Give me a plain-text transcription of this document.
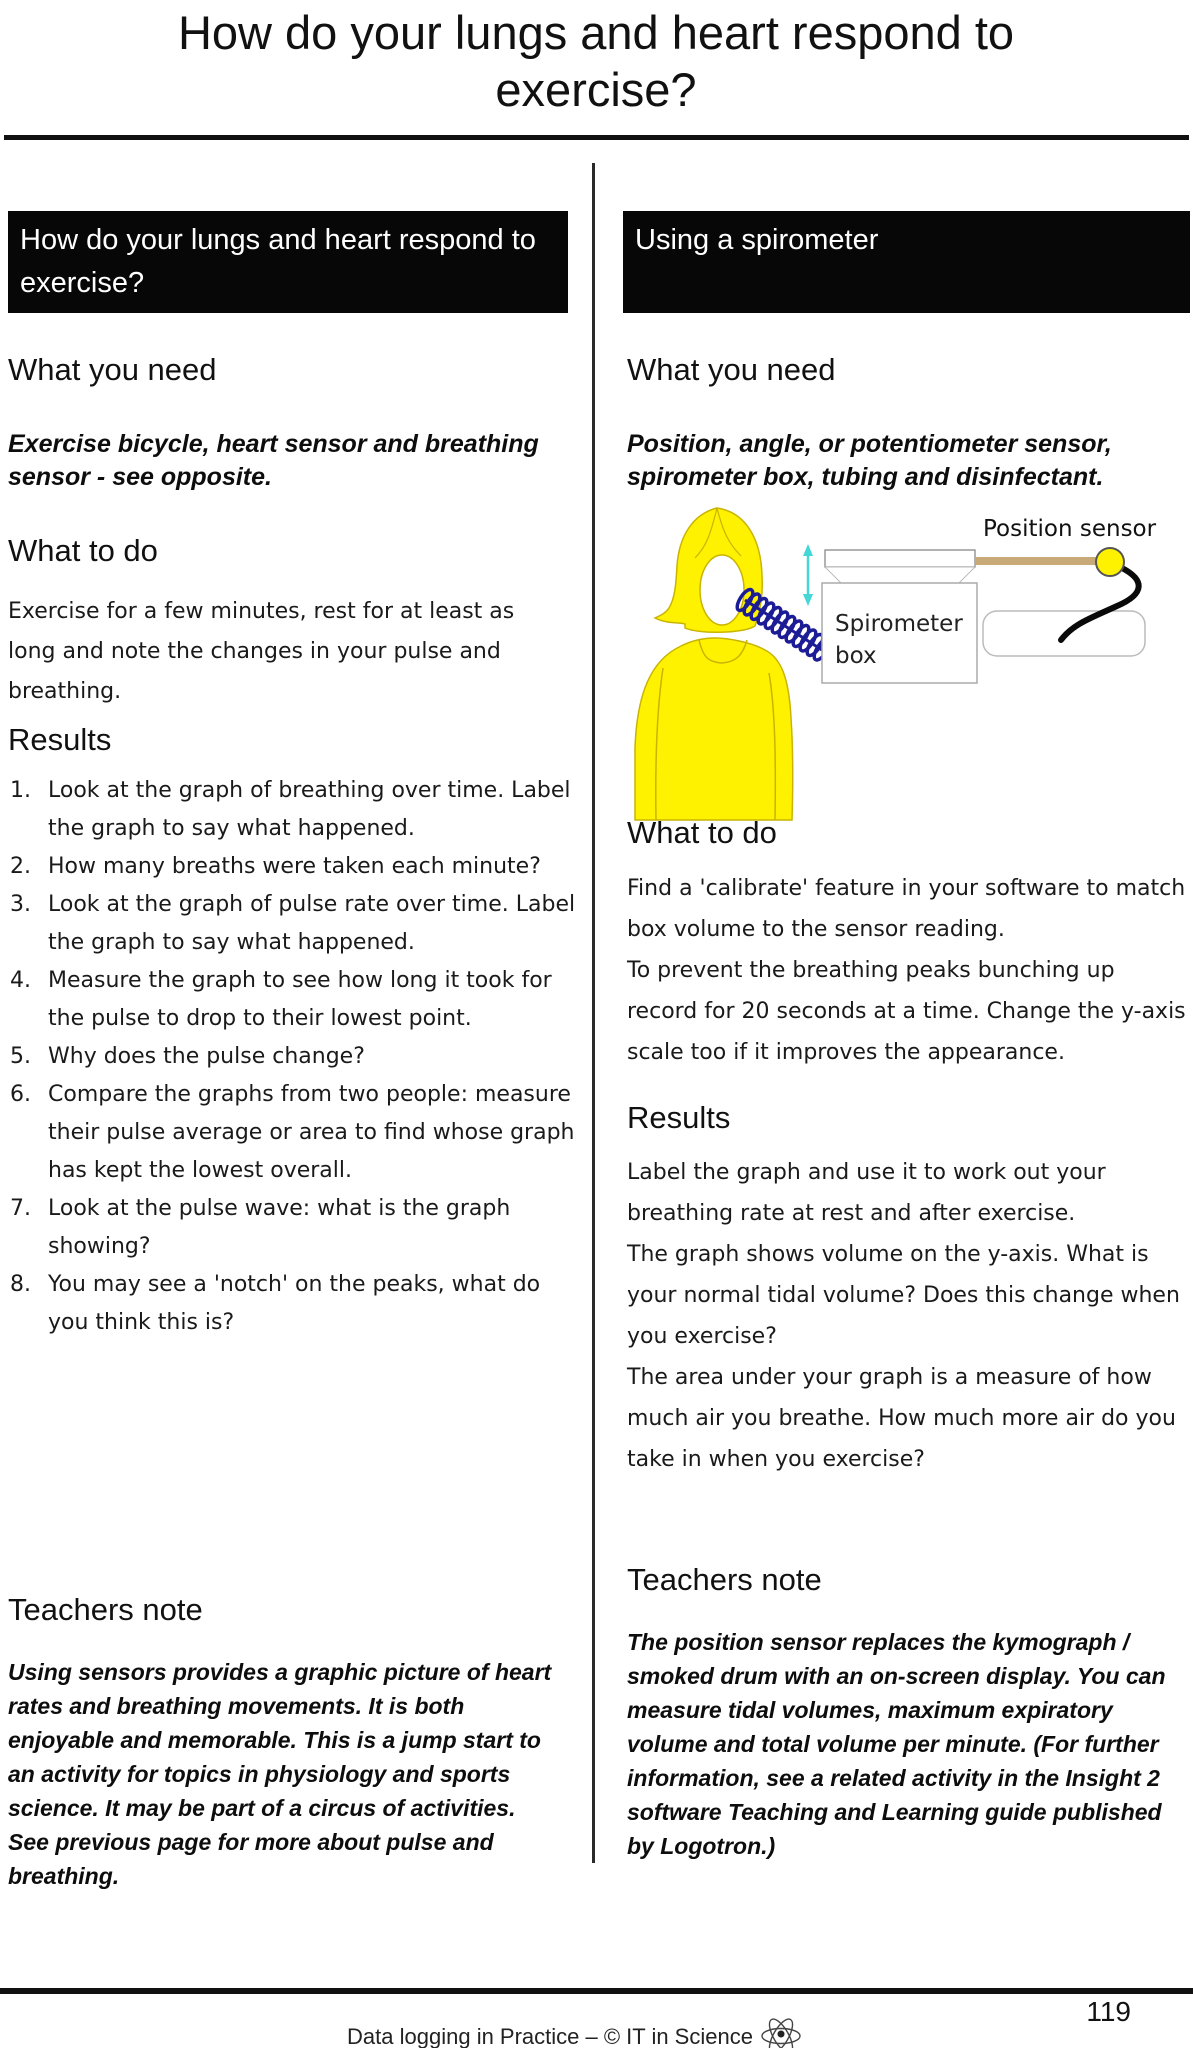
How do your lungs and heart respond to exercise?
How do your lungs and heart respond to exercise?
Using a spirometer
What you need
Exercise bicycle, heart sensor and breathing sensor - see opposite.
What to do
Exercise for a few minutes, rest for at least as long and note the changes in your pulse and breathing.
Results
1. Look at the graph of breathing over time. Label the graph to say what happened.
2. How many breaths were taken each minute?
3. Look at the graph of pulse rate over time. Label the graph to say what happened.
4. Measure the graph to see how long it took for the pulse to drop to their lowest point.
5. Why does the pulse change?
6. Compare the graphs from two people: measure their pulse average or area to find whose graph has kept the lowest overall.
7. Look at the pulse wave: what is the graph showing?
8. You may see a 'notch' on the peaks, what do you think this is?
Teachers note
Using sensors provides a graphic picture of heart rates and breathing movements. It is both enjoyable and memorable. This is a jump start to an activity for topics in physiology and sports science. It may be part of a circus of activities. See previous page for more about pulse and breathing.
What you need
Position, angle, or potentiometer sensor, spirometer box, tubing and disinfectant.
Spirometer
box
Position sensor
What to do

Find a 'calibrate' feature in your software to match box volume to the sensor reading.

To prevent the breathing peaks bunching up record for 20 seconds at a time. Change the y-axis scale too if it improves the appearance.

Results

Label the graph and use it to work out your breathing rate at rest and after exercise.

The graph shows volume on the y-axis. What is your normal tidal volume? Does this change when you exercise?

The area under your graph is a measure of how much air you breathe. How much more air do you take in when you exercise?

Teachers note
The position sensor replaces the kymograph / smoked drum with an on-screen display. You can measure tidal volumes, maximum expiratory volume and total volume per minute. (For further information, see a related activity in the Insight 2 software Teaching and Learning guide published by Logotron.)
Data logging in Practice – © IT in Science
119
